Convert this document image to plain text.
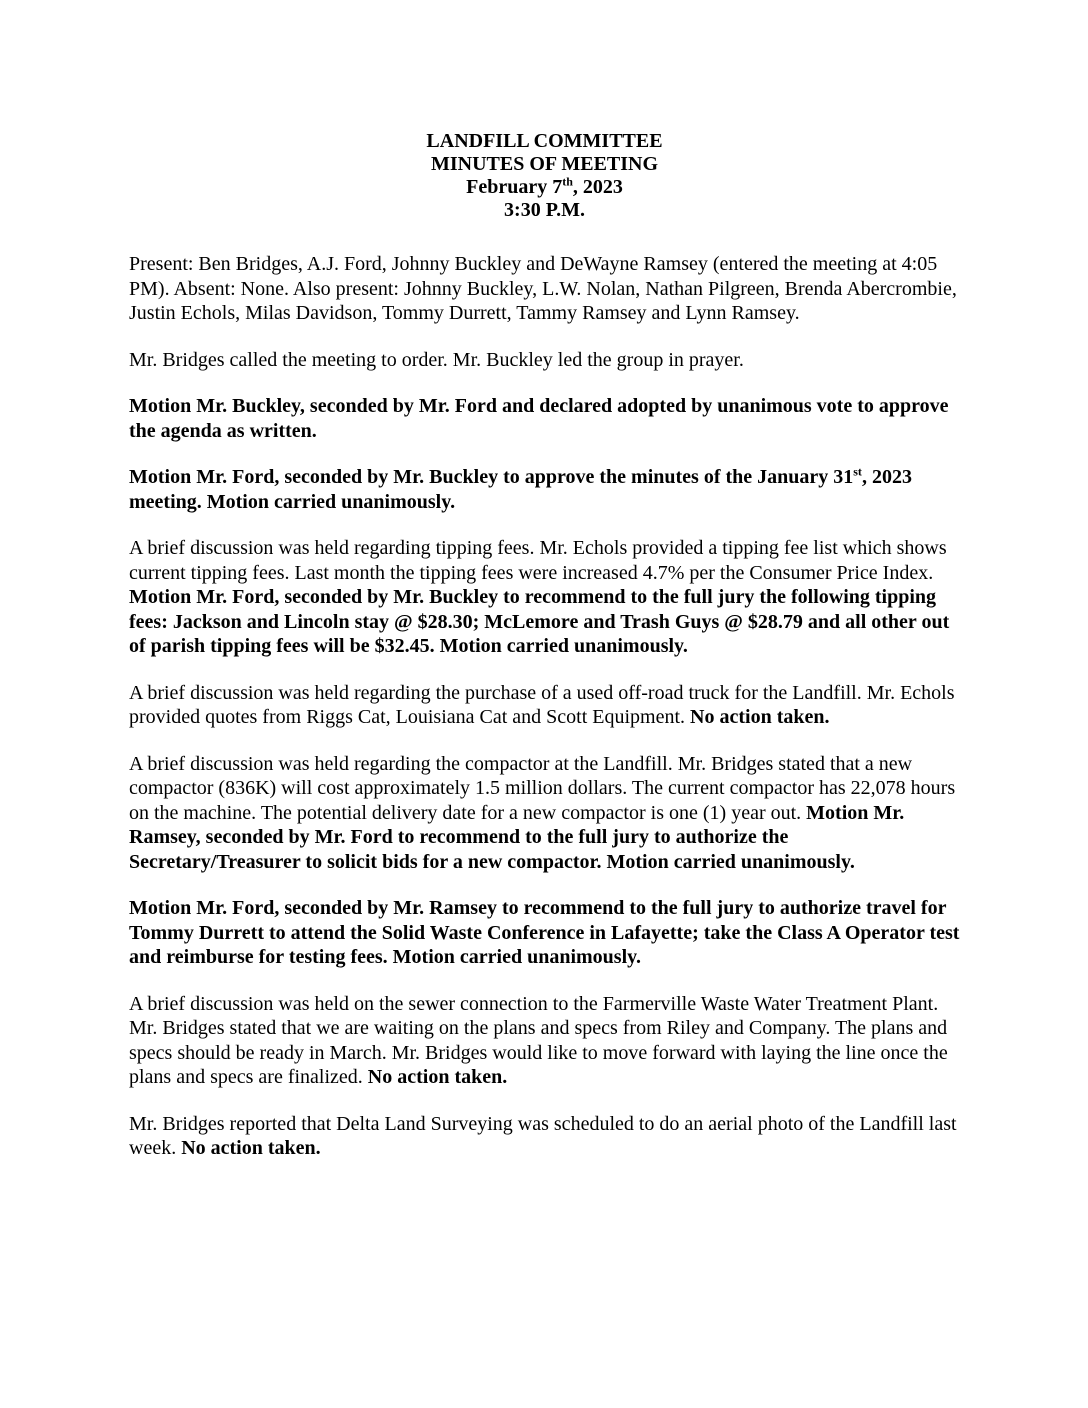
LANDFILL COMMITTEE
MINUTES OF MEETING
February 7th, 2023
3:30 P.M.

Present: Ben Bridges, A.J. Ford, Johnny Buckley and DeWayne Ramsey (entered the meeting at 4:05 PM). Absent: None. Also present: Johnny Buckley, L.W. Nolan, Nathan Pilgreen, Brenda Abercrombie, Justin Echols, Milas Davidson, Tommy Durrett, Tammy Ramsey and Lynn Ramsey.

Mr. Bridges called the meeting to order. Mr. Buckley led the group in prayer.

Motion Mr. Buckley, seconded by Mr. Ford and declared adopted by unanimous vote to approve the agenda as written.

Motion Mr. Ford, seconded by Mr. Buckley to approve the minutes of the January 31st, 2023 meeting. Motion carried unanimously.

A brief discussion was held regarding tipping fees. Mr. Echols provided a tipping fee list which shows current tipping fees. Last month the tipping fees were increased 4.7% per the Consumer Price Index. Motion Mr. Ford, seconded by Mr. Buckley to recommend to the full jury the following tipping fees: Jackson and Lincoln stay @ $28.30; McLemore and Trash Guys @ $28.79 and all other out of parish tipping fees will be $32.45. Motion carried unanimously.

A brief discussion was held regarding the purchase of a used off-road truck for the Landfill. Mr. Echols provided quotes from Riggs Cat, Louisiana Cat and Scott Equipment. No action taken.

A brief discussion was held regarding the compactor at the Landfill. Mr. Bridges stated that a new compactor (836K) will cost approximately 1.5 million dollars. The current compactor has 22,078 hours on the machine. The potential delivery date for a new compactor is one (1) year out. Motion Mr. Ramsey, seconded by Mr. Ford to recommend to the full jury to authorize the Secretary/Treasurer to solicit bids for a new compactor. Motion carried unanimously.

Motion Mr. Ford, seconded by Mr. Ramsey to recommend to the full jury to authorize travel for Tommy Durrett to attend the Solid Waste Conference in Lafayette; take the Class A Operator test and reimburse for testing fees. Motion carried unanimously.

A brief discussion was held on the sewer connection to the Farmerville Waste Water Treatment Plant. Mr. Bridges stated that we are waiting on the plans and specs from Riley and Company. The plans and specs should be ready in March. Mr. Bridges would like to move forward with laying the line once the plans and specs are finalized. No action taken.

Mr. Bridges reported that Delta Land Surveying was scheduled to do an aerial photo of the Landfill last week. No action taken.
